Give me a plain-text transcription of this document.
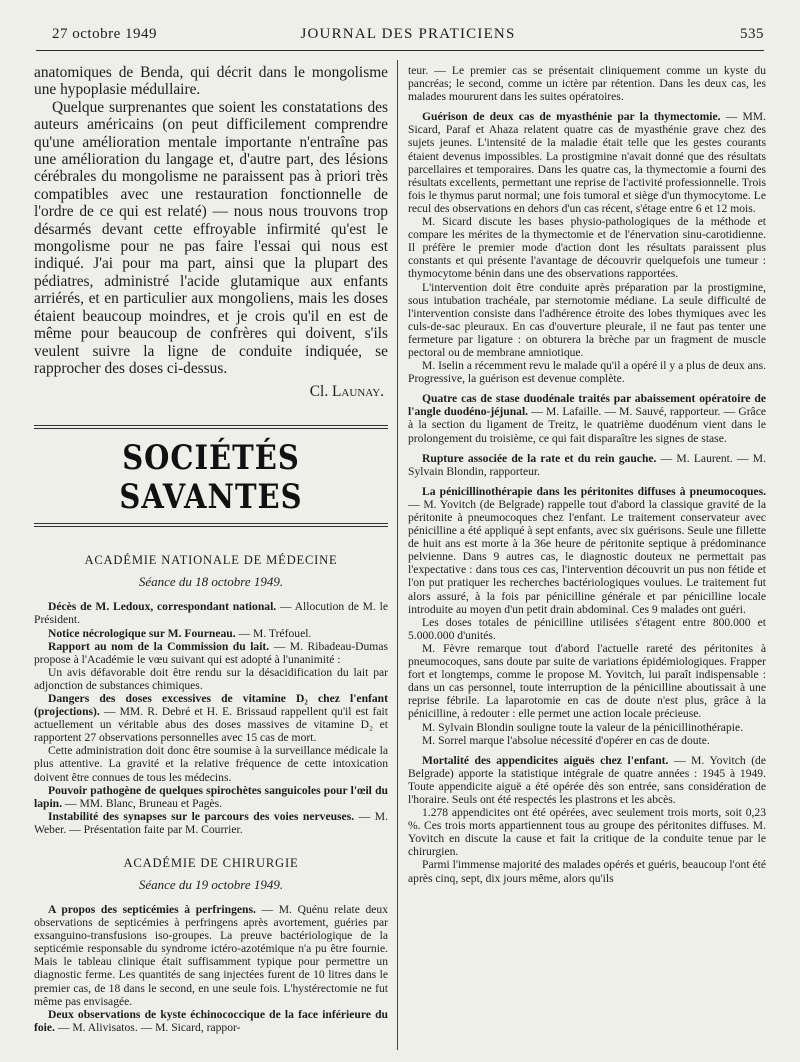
27 octobre 1949	JOURNAL DES PRATICIENS	535

anatomiques de Benda, qui décrit dans le mongolisme une hypoplasie médullaire.

Quelque surprenantes que soient les constatations des auteurs américains (on peut difficilement comprendre qu'une amélioration mentale importante n'entraîne pas une amélioration du langage et, d'autre part, des lésions cérébrales du mongolisme ne paraissent pas à priori très compatibles avec une restauration fonctionnelle de l'ordre de ce qui est relaté) — nous nous trouvons trop désarmés devant cette effroyable infirmité qu'est le mongolisme pour ne pas faire l'essai qui nous est indiqué. J'ai pour ma part, ainsi que la plupart des pédiatres, administré l'acide glutamique aux enfants arriérés, et en particulier aux mongoliens, mais les doses étaient beaucoup moindres, et je crois qu'il en est de même pour beaucoup de confrères qui doivent, s'ils veulent suivre la ligne de conduite indiquée, se rapprocher des doses ci-dessus.

Cl. Launay.
SOCIÉTÉS SAVANTES
ACADÉMIE NATIONALE DE MÉDECINE
Séance du 18 octobre 1949.

Décès de M. Ledoux, correspondant national. — Allocution de M. le Président.

Notice nécrologique sur M. Fourneau. — M. Tréfouel.

Rapport au nom de la Commission du lait. — M. Ribadeau-Dumas propose à l'Académie le vœu suivant qui est adopté à l'unanimité :

Un avis défavorable doit être rendu sur la désacidification du lait par adjonction de substances chimiques.

Dangers des doses excessives de vitamine D₂ chez l'enfant (projections). — MM. R. Debré et H. E. Brissaud rappellent qu'il est fait actuellement un véritable abus des doses massives de vitamine D₂ et rapportent 27 observations personnelles avec 15 cas de mort.

Cette administration doit donc être soumise à la surveillance médicale la plus attentive. La gravité et la relative fréquence de cette intoxication doivent être connues de tous les médecins.

Pouvoir pathogène de quelques spirochètes sanguicoles pour l'œil du lapin. — MM. Blanc, Bruneau et Pagès.

Instabilité des synapses sur le parcours des voies nerveuses. — M. Weber. — Présentation faite par M. Courrier.

ACADÉMIE DE CHIRURGIE
Séance du 19 octobre 1949.

A propos des septicémies à perfringens. — M. Quénu relate deux observations de septicémies à perfringens après avortement, guéries par exsanguino-transfusions iso-groupes. La preuve bactériologique de la septicémie responsable du syndrome ictéro-azotémique n'a pu être fournie. Mais le tableau clinique était suffisamment typique pour permettre un diagnostic ferme. Les quantités de sang injectées furent de 10 litres dans le premier cas, de 18 dans le second, en une seule fois. L'hystérectomie ne fut même pas envisagée.

Deux observations de kyste échinococcique de la face inférieure du foie. — M. Alivisatos. — M. Sicard, rappor-

teur. — Le premier cas se présentait cliniquement comme un kyste du pancréas; le second, comme un ictère par rétention. Dans les deux cas, les malades moururent dans les suites opératoires.

Guérison de deux cas de myasthénie par la thymectomie. — MM. Sicard, Paraf et Ahaza relatent quatre cas de myasthénie grave chez des sujets jeunes. L'intensité de la maladie était telle que les gestes courants étaient devenus impossibles. La prostigmine n'avait donné que des résultats parcellaires et temporaires. Dans les quatre cas, la thymectomie a fourni des résultats excellents, permettant une reprise de l'activité professionnelle. Trois fois le thymus parut normal; une fois tumoral et siège d'un thymocytome. Le recul des observations en dehors d'un cas récent, s'étage entre 6 et 12 mois.

M. Sicard discute les bases physio-pathologiques de la méthode et compare les mérites de la thymectomie et de l'énervation sinu-carotidienne. Il préfère le premier mode d'action dont les résultats paraissent plus constants et qui présente l'avantage de découvrir quelquefois une tumeur : thymocytome bénin dans une des observations rapportées.

L'intervention doit être conduite après préparation par la prostigmine, sous intubation trachéale, par sternotomie médiane. La seule difficulté de l'intervention consiste dans l'adhérence étroite des lobes thymiques avec les culs-de-sac pleuraux. En cas d'ouverture pleurale, il ne faut pas tenter une fermeture par ligature : on obturera la brèche par un fragment de muscle pectoral ou de membrane amniotique.

M. Iselin a récemment revu le malade qu'il a opéré il y a plus de deux ans. Progressive, la guérison est devenue complète.

Quatre cas de stase duodénale traités par abaissement opératoire de l'angle duodéno-jéjunal. — M. Lafaille. — M. Sauvé, rapporteur. — Grâce à la section du ligament de Treitz, le quatrième duodénum vient dans le prolongement du troisième, ce qui fait disparaître les signes de stase.

Rupture associée de la rate et du rein gauche. — M. Laurent. — M. Sylvain Blondin, rapporteur.

La pénicillinothérapie dans les péritonites diffuses à pneumocoques. — M. Yovitch (de Belgrade) rappelle tout d'abord la classique gravité de la péritonite à pneumocoques chez l'enfant. Le traitement conservateur avec pénicilline a été appliqué à sept enfants, avec six guérisons. Seule une fillette de huit ans est morte à la 36e heure de péritonite septique à prédominance pelvienne. Dans 9 autres cas, le diagnostic douteux ne permettait pas l'expectative : dans tous ces cas, l'intervention découvrit un pus non fétide et l'on put pratiquer les recherches bactériologiques voulues. Le traitement fut alors assuré, à la fois par pénicilline générale et par pénicilline locale introduite au moyen d'un petit drain abdominal. Ces 9 malades ont guéri.

Les doses totales de pénicilline utilisées s'étagent entre 800.000 et 5.000.000 d'unités.

M. Fèvre remarque tout d'abord l'actuelle rareté des péritonites à pneumocoques, sans doute par suite de variations épidémiologiques. Frapper fort et longtemps, comme le propose M. Yovitch, lui paraît indispensable : dans un cas personnel, toute interruption de la pénicilline aboutissait à une reprise fébrile. La laparotomie en cas de doute n'est plus, grâce à la pénicilline, à redouter : elle permet une action locale précieuse.

M. Sylvain Blondin souligne toute la valeur de la pénicillinothérapie.

M. Sorrel marque l'absolue nécessité d'opérer en cas de doute.

Mortalité des appendicites aiguës chez l'enfant. — M. Yovitch (de Belgrade) apporte la statistique intégrale de quatre années : 1945 à 1949. Toute appendicite aiguë a été opérée dès son entrée, sans considération de l'horaire. Seuls ont été respectés les plastrons et les abcès.

1.278 appendicites ont été opérées, avec seulement trois morts, soit 0,23 %. Ces trois morts appartiennent tous au groupe des péritonites diffuses. M. Yovitch en discute la cause et fait la critique de la conduite tenue par le chirurgien.

Parmi l'immense majorité des malades opérés et guéris, beaucoup l'ont été après cinq, sept, dix jours même, alors qu'ils
